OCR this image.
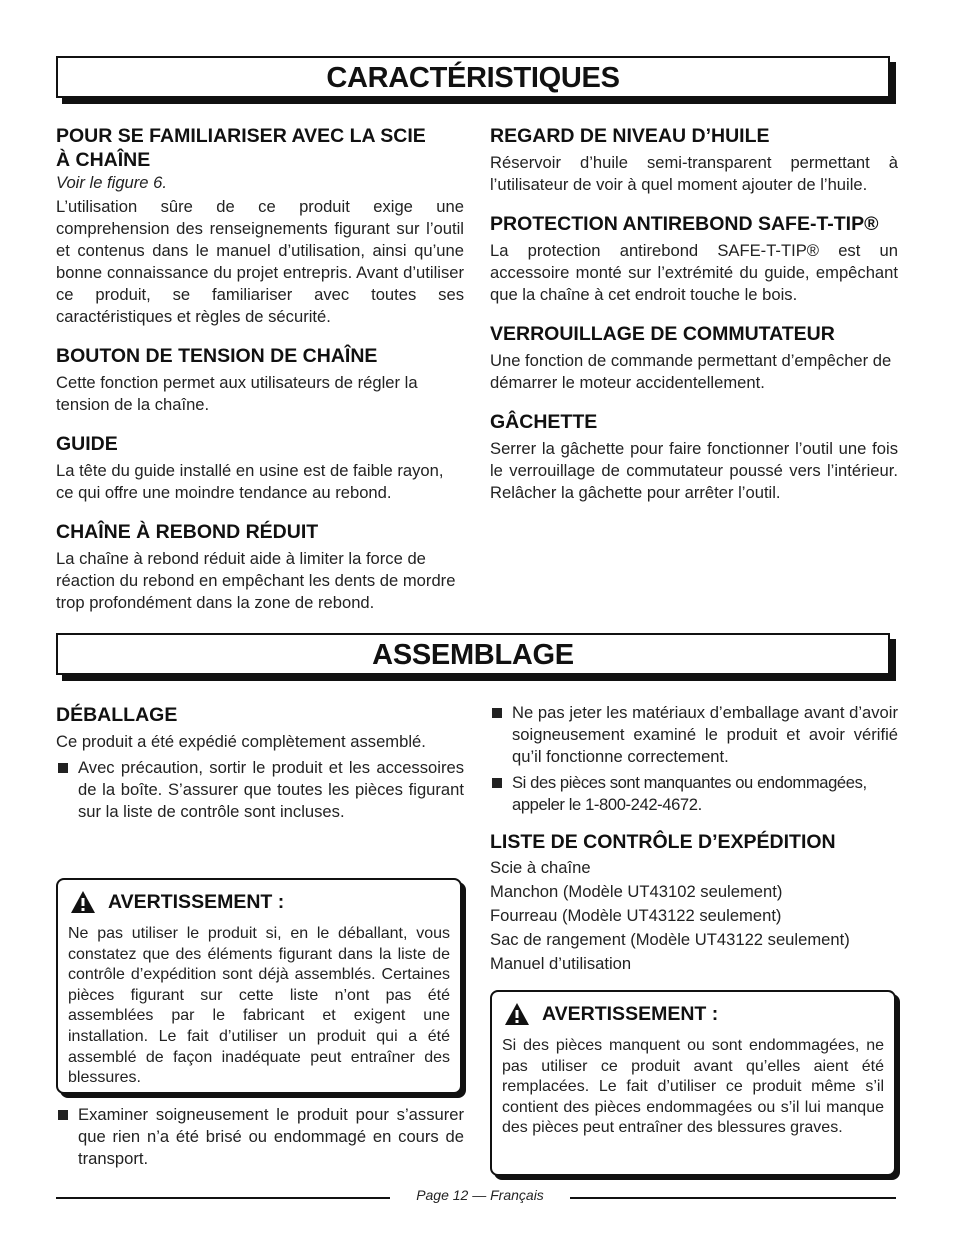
CARACTÉRISTIQUES
POUR SE FAMILIARISER AVEC LA SCIE À CHAÎNE
Voir le figure 6.

L’utilisation sûre de ce produit exige une comprehension des renseignements figurant sur l’outil et contenus dans le manuel d’utilisation, ainsi qu’une bonne connaissance du projet entrepris. Avant d’utiliser ce produit, se familiariser avec toutes ses caractéristiques et règles de sécurité.

BOUTON DE TENSION DE CHAÎNE

Cette fonction permet aux utilisateurs de régler la tension de la chaîne.

GUIDE

La tête du guide installé en usine est de faible rayon, ce qui offre une moindre tendance au rebond.

CHAÎNE À REBOND RÉDUIT

La chaîne à rebond réduit aide à limiter la force de réaction du rebond en empêchant les dents de mordre trop profondément dans la zone de rebond.

REGARD DE NIVEAU D’HUILE

Réservoir d’huile semi-transparent permettant à l’utilisateur de voir à quel moment ajouter de l’huile.

PROTECTION ANTIREBOND SAFE-T-TIP®

La protection antirebond SAFE-T-TIP® est un accessoire monté sur l’extrémité du guide, empêchant que la chaîne à cet endroit touche le bois.

VERROUILLAGE DE COMMUTATEUR

Une fonction de commande permettant d’empêcher de démarrer le moteur accidentellement.

GÂCHETTE

Serrer la gâchette pour faire fonctionner l’outil une fois le verrouillage de commutateur poussé vers l’intérieur. Relâcher la gâchette pour arrêter l’outil.

ASSEMBLAGE
DÉBALLAGE

Ce produit a été expédié complètement assemblé.

Avec précaution, sortir le produit et les accessoires de la boîte. S’assurer que toutes les pièces figurant sur la liste de contrôle sont incluses.
AVERTISSEMENT :

Ne pas utiliser le produit si, en le déballant, vous constatez que des éléments figurant dans la liste de contrôle d’expédition sont déjà assemblés. Certaines pièces figurant sur cette liste n’ont pas été assemblées par le fabricant et exigent une installation. Le fait d’utiliser un produit qui a été assemblé de façon inadéquate peut entraîner des blessures.

Examiner soigneusement le produit pour s’assurer que rien n’a été brisé ou endommagé en cours de transport.
Ne pas jeter les matériaux d’emballage avant d’avoir soigneusement examiné le produit et avoir vérifié qu’il fonctionne correctement.
Si des pièces sont manquantes ou endommagées, appeler le 1-800-242-4672.
LISTE DE CONTRÔLE D’EXPÉDITION
Scie à chaîne
Manchon (Modèle UT43102 seulement)
Fourreau (Modèle UT43122 seulement)
Sac de rangement (Modèle UT43122 seulement)
Manuel d’utilisation
AVERTISSEMENT :

Si des pièces manquent ou sont endommagées, ne pas utiliser ce produit avant qu’elles aient été remplacées. Le fait d’utiliser ce produit même s’il contient des pièces endommagées ou s’il lui manque des pièces peut entraîner des blessures graves.

Page 12 — Français
